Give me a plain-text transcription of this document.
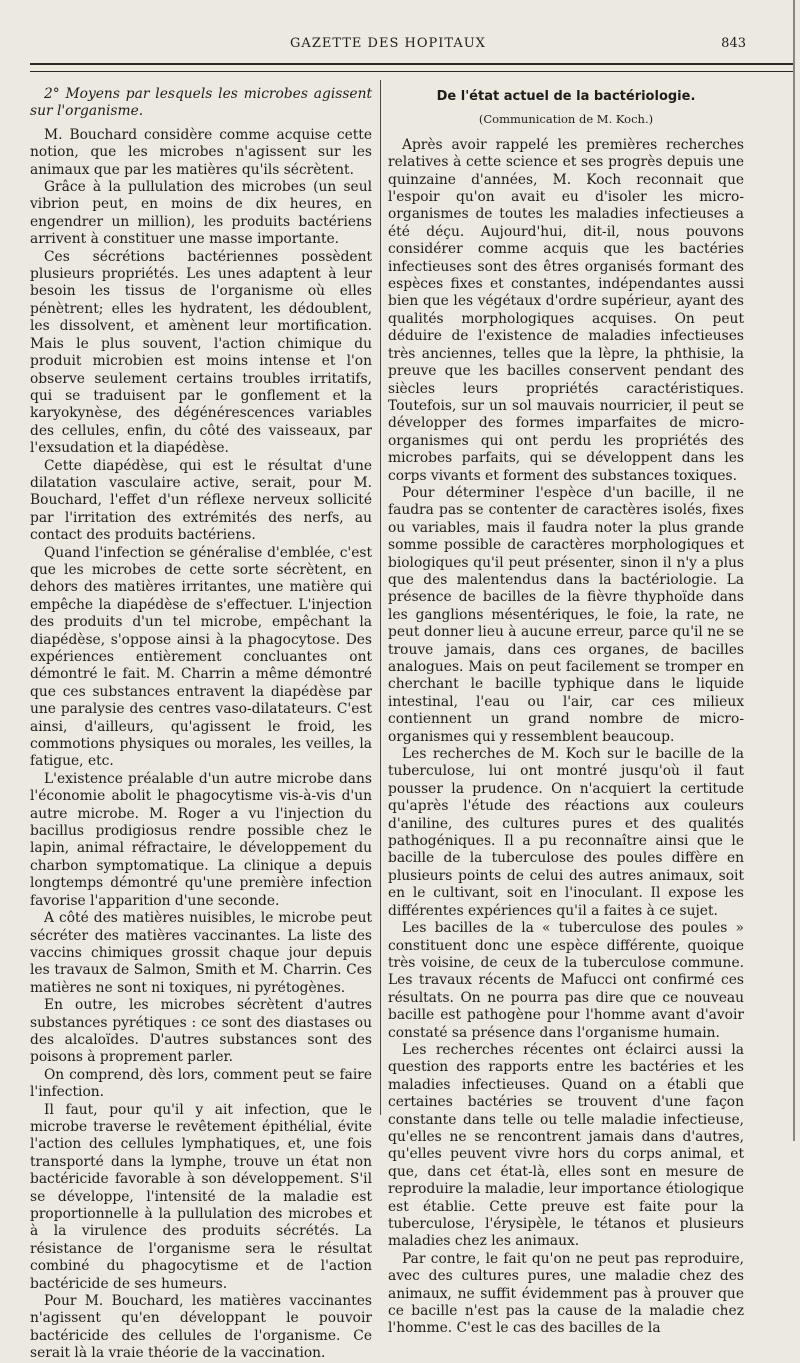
GAZETTE DES HOPITAUX	843

2° Moyens par lesquels les microbes agissent sur l'organisme.

M. Bouchard considère comme acquise cette notion, que les microbes n'agissent sur les animaux que par les matières qu'ils sécrètent.

Grâce à la pullulation des microbes (un seul vibrion peut, en moins de dix heures, en engendrer un million), les produits bactériens arrivent à constituer une masse importante.

Ces sécrétions bactériennes possèdent plusieurs propriétés. Les unes adaptent à leur besoin les tissus de l'organisme où elles pénètrent; elles les hydratent, les dédoublent, les dissolvent, et amènent leur mortification. Mais le plus souvent, l'action chimique du produit microbien est moins intense et l'on observe seulement certains troubles irritatifs, qui se traduisent par le gonflement et la karyokynèse, des dégénérescences variables des cellules, enfin, du côté des vaisseaux, par l'exsudation et la diapédèse.

Cette diapédèse, qui est le résultat d'une dilatation vasculaire active, serait, pour M. Bouchard, l'effet d'un réflexe nerveux sollicité par l'irritation des extrémités des nerfs, au contact des produits bactériens.

Quand l'infection se généralise d'emblée, c'est que les microbes de cette sorte sécrètent, en dehors des matières irritantes, une matière qui empêche la diapédèse de s'effectuer. L'injection des produits d'un tel microbe, empêchant la diapédèse, s'oppose ainsi à la phagocytose. Des expériences entièrement concluantes ont démontré le fait. M. Charrin a même démontré que ces substances entravent la diapédèse par une paralysie des centres vaso-dilatateurs. C'est ainsi, d'ailleurs, qu'agissent le froid, les commotions physiques ou morales, les veilles, la fatigue, etc.

L'existence préalable d'un autre microbe dans l'économie abolit le phagocytisme vis-à-vis d'un autre microbe. M. Roger a vu l'injection du bacillus prodigiosus rendre possible chez le lapin, animal réfractaire, le développement du charbon symptomatique. La clinique a depuis longtemps démontré qu'une première infection favorise l'apparition d'une seconde.

A côté des matières nuisibles, le microbe peut sécréter des matières vaccinantes. La liste des vaccins chimiques grossit chaque jour depuis les travaux de Salmon, Smith et M. Charrin. Ces matières ne sont ni toxiques, ni pyrétogènes.

En outre, les microbes sécrètent d'autres substances pyrétiques : ce sont des diastases ou des alcaloïdes. D'autres substances sont des poisons à proprement parler.

On comprend, dès lors, comment peut se faire l'infection.

Il faut, pour qu'il y ait infection, que le microbe traverse le revêtement épithélial, évite l'action des cellules lymphatiques, et, une fois transporté dans la lymphe, trouve un état non bactéricide favorable à son développement. S'il se développe, l'intensité de la maladie est proportionnelle à la pullulation des microbes et à la virulence des produits sécrétés. La résistance de l'organisme sera le résultat combiné du phagocytisme et de l'action bactéricide de ses humeurs.

Pour M. Bouchard, les matières vaccinantes n'agissent qu'en développant le pouvoir bactéricide des cellules de l'organisme. Ce serait là la vraie théorie de la vaccination.

De l'état actuel de la bactériologie.

(Communication de M. Koch.)

Après avoir rappelé les premières recherches relatives à cette science et ses progrès depuis une quinzaine d'années, M. Koch reconnait que l'espoir qu'on avait eu d'isoler les micro-organismes de toutes les maladies infectieuses a été déçu. Aujourd'hui, dit-il, nous pouvons considérer comme acquis que les bactéries infectieuses sont des êtres organisés formant des espèces fixes et constantes, indépendantes aussi bien que les végétaux d'ordre supérieur, ayant des qualités morphologiques acquises. On peut déduire de l'existence de maladies infectieuses très anciennes, telles que la lèpre, la phthisie, la preuve que les bacilles conservent pendant des siècles leurs propriétés caractéristiques. Toutefois, sur un sol mauvais nourricier, il peut se développer des formes imparfaites de micro-organismes qui ont perdu les propriétés des microbes parfaits, qui se développent dans les corps vivants et forment des substances toxiques.

Pour déterminer l'espèce d'un bacille, il ne faudra pas se contenter de caractères isolés, fixes ou variables, mais il faudra noter la plus grande somme possible de caractères morphologiques et biologiques qu'il peut présenter, sinon il n'y a plus que des malentendus dans la bactériologie. La présence de bacilles de la fièvre thyphoïde dans les ganglions mésentériques, le foie, la rate, ne peut donner lieu à aucune erreur, parce qu'il ne se trouve jamais, dans ces organes, de bacilles analogues. Mais on peut facilement se tromper en cherchant le bacille typhique dans le liquide intestinal, l'eau ou l'air, car ces milieux contiennent un grand nombre de micro-organismes qui y ressemblent beaucoup.

Les recherches de M. Koch sur le bacille de la tuberculose, lui ont montré jusqu'où il faut pousser la prudence. On n'acquiert la certitude qu'après l'étude des réactions aux couleurs d'aniline, des cultures pures et des qualités pathogéniques. Il a pu reconnaître ainsi que le bacille de la tuberculose des poules diffère en plusieurs points de celui des autres animaux, soit en le cultivant, soit en l'inoculant. Il expose les différentes expériences qu'il a faites à ce sujet.

Les bacilles de la « tuberculose des poules » constituent donc une espèce différente, quoique très voisine, de ceux de la tuberculose commune. Les travaux récents de Mafucci ont confirmé ces résultats. On ne pourra pas dire que ce nouveau bacille est pathogène pour l'homme avant d'avoir constaté sa présence dans l'organisme humain.

Les recherches récentes ont éclairci aussi la question des rapports entre les bactéries et les maladies infectieuses. Quand on a établi que certaines bactéries se trouvent d'une façon constante dans telle ou telle maladie infectieuse, qu'elles ne se rencontrent jamais dans d'autres, qu'elles peuvent vivre hors du corps animal, et que, dans cet état-là, elles sont en mesure de reproduire la maladie, leur importance étiologique est établie. Cette preuve est faite pour la tuberculose, l'érysipèle, le tétanos et plusieurs maladies chez les animaux.

Par contre, le fait qu'on ne peut pas reproduire, avec des cultures pures, une maladie chez des animaux, ne suffit évidemment pas à prouver que ce bacille n'est pas la cause de la maladie chez l'homme. C'est le cas des bacilles de la
